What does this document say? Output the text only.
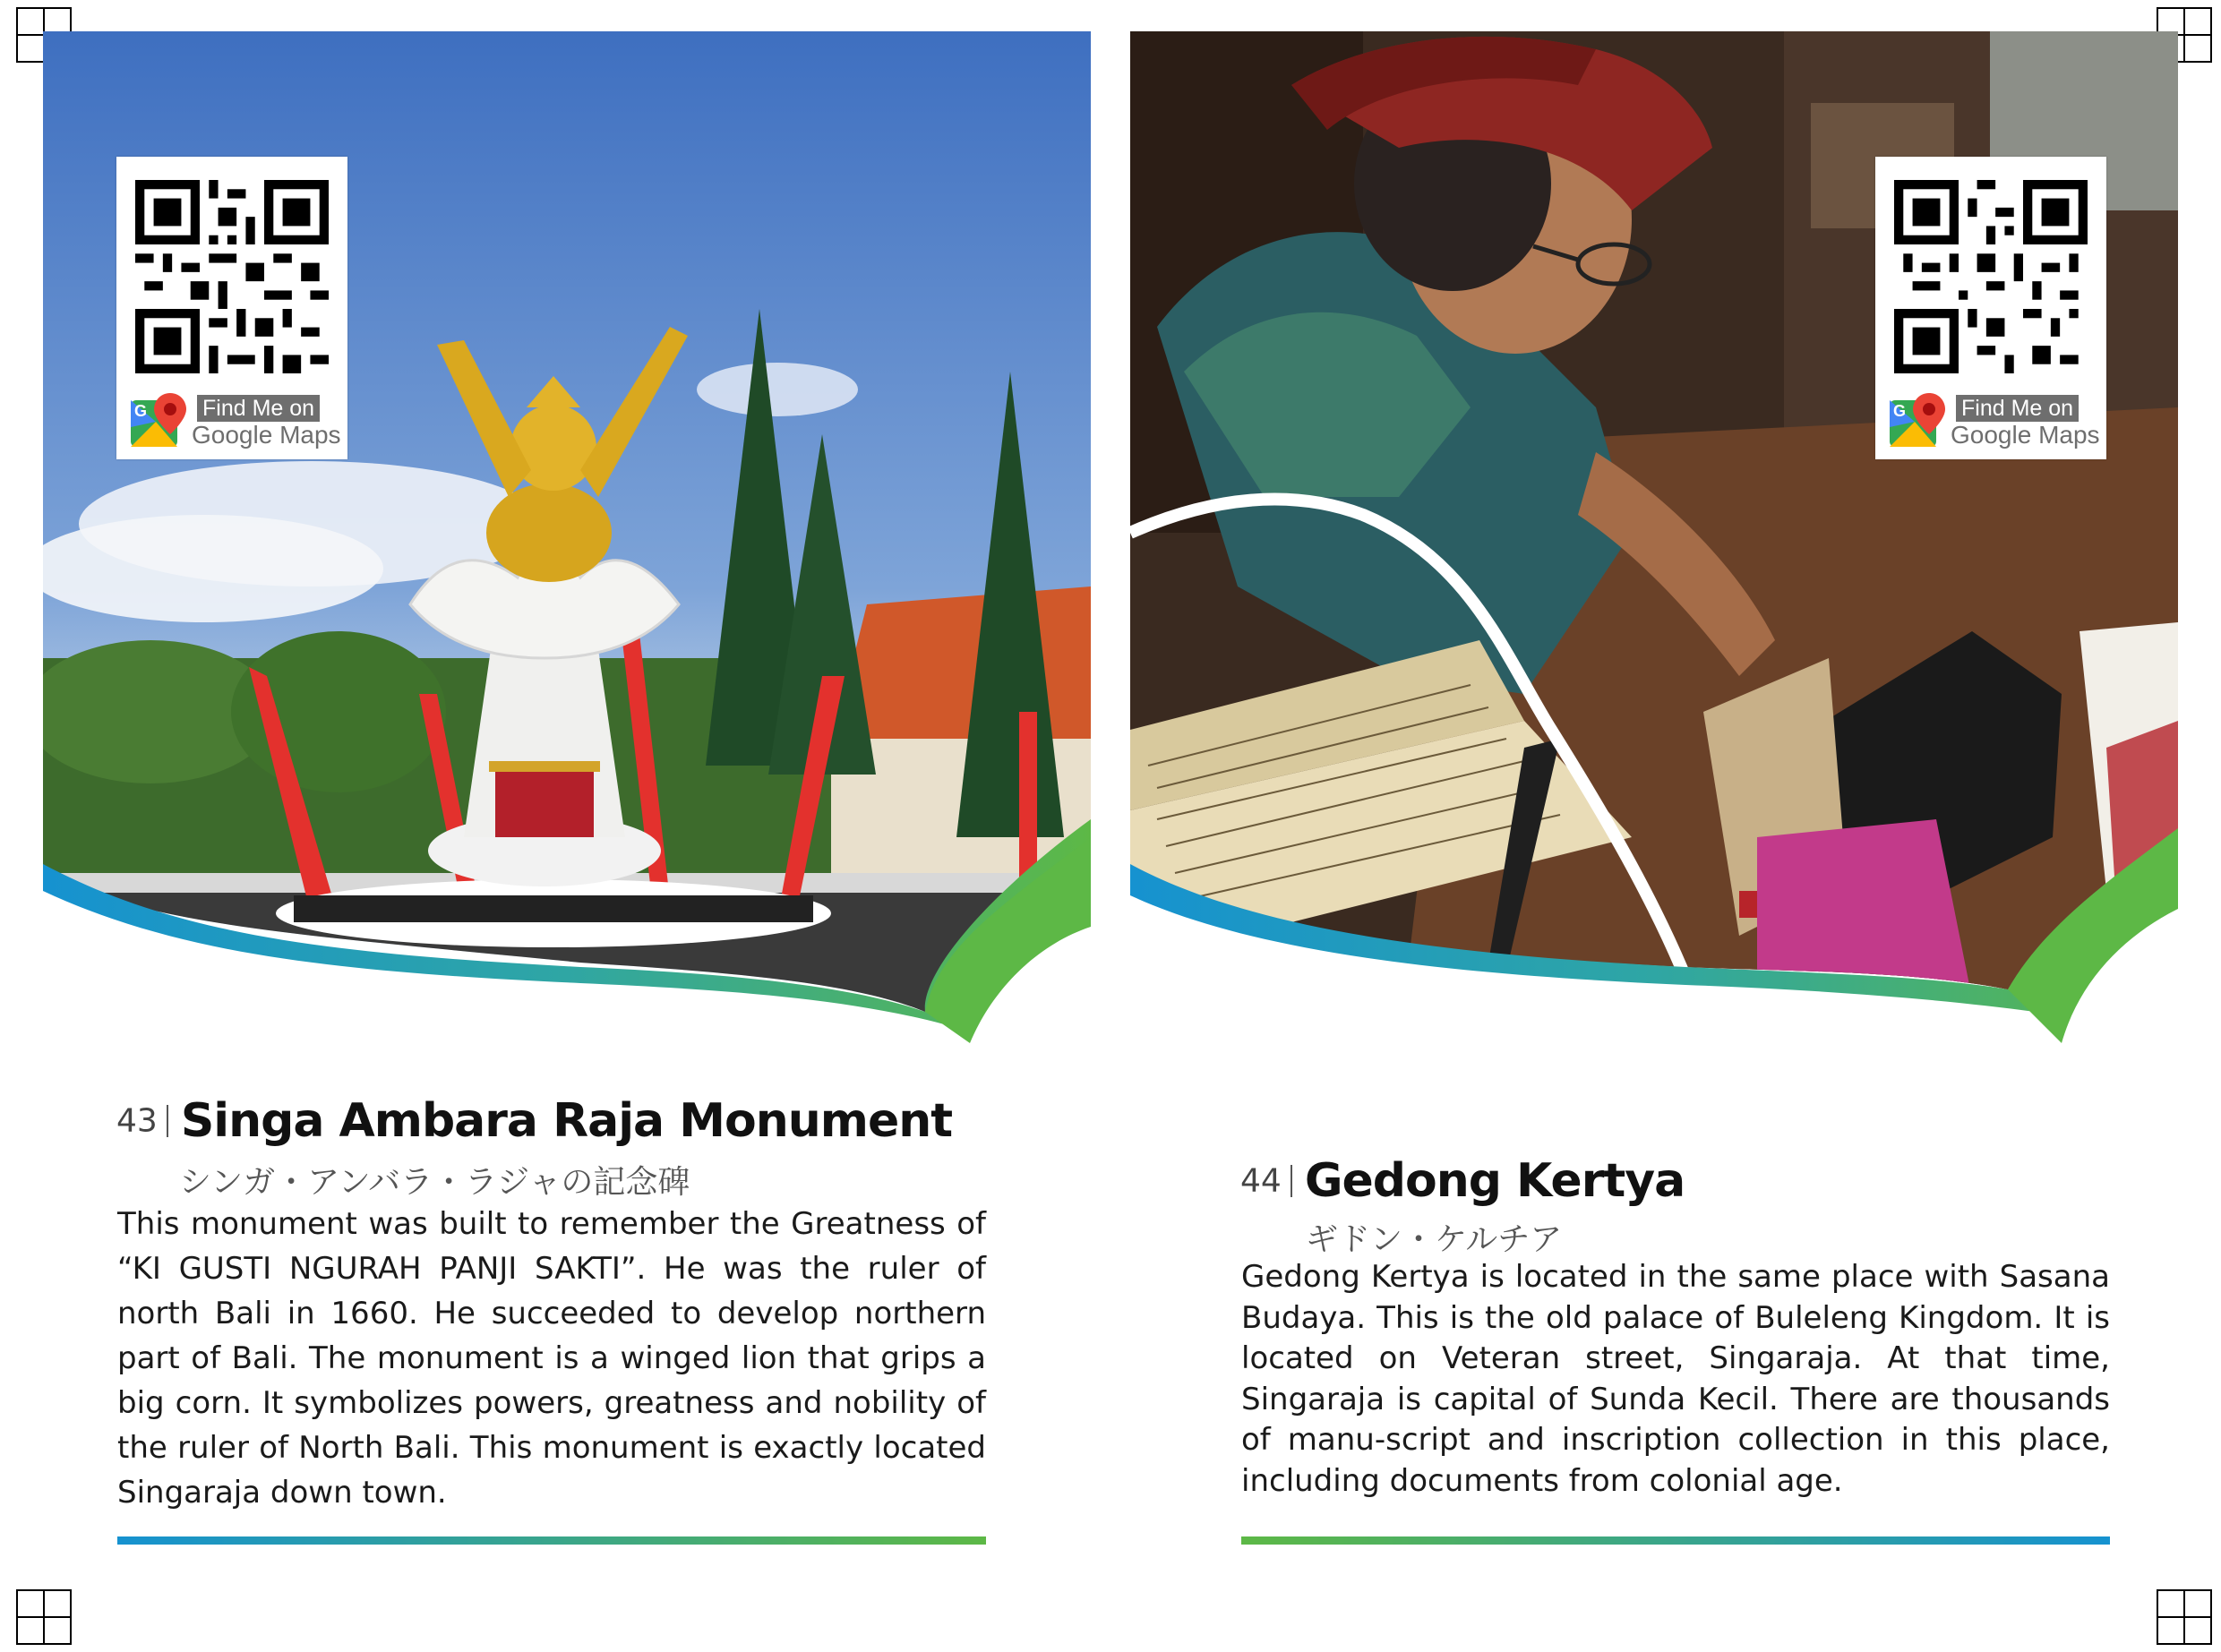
G Find Me on
Google Maps
G Find Me on
Google Maps
43 Singa Ambara Raja Monument
シンガ・アンバラ・ラジャの記念碑
This monument was built to remember the Greatness of “KI GUSTI NGURAH PANJI SAKTI”. He was the ruler of north Bali in 1660. He succeeded to develop northern part of Bali. The monument is a winged lion that grips a big corn. It symbolizes powers, greatness and nobility of the ruler of North Bali. This monument is exactly located Singaraja down town.
44 Gedong Kertya
ギドン・ケルチア
Gedong Kertya is located in the same place with Sasana Budaya. This is the old palace of Buleleng Kingdom. It is located on Veteran street, Singaraja. At that time, Singaraja is capital of Sunda Kecil. There are thousands of manu-script and inscription collection in this place, including documents from colonial age.
